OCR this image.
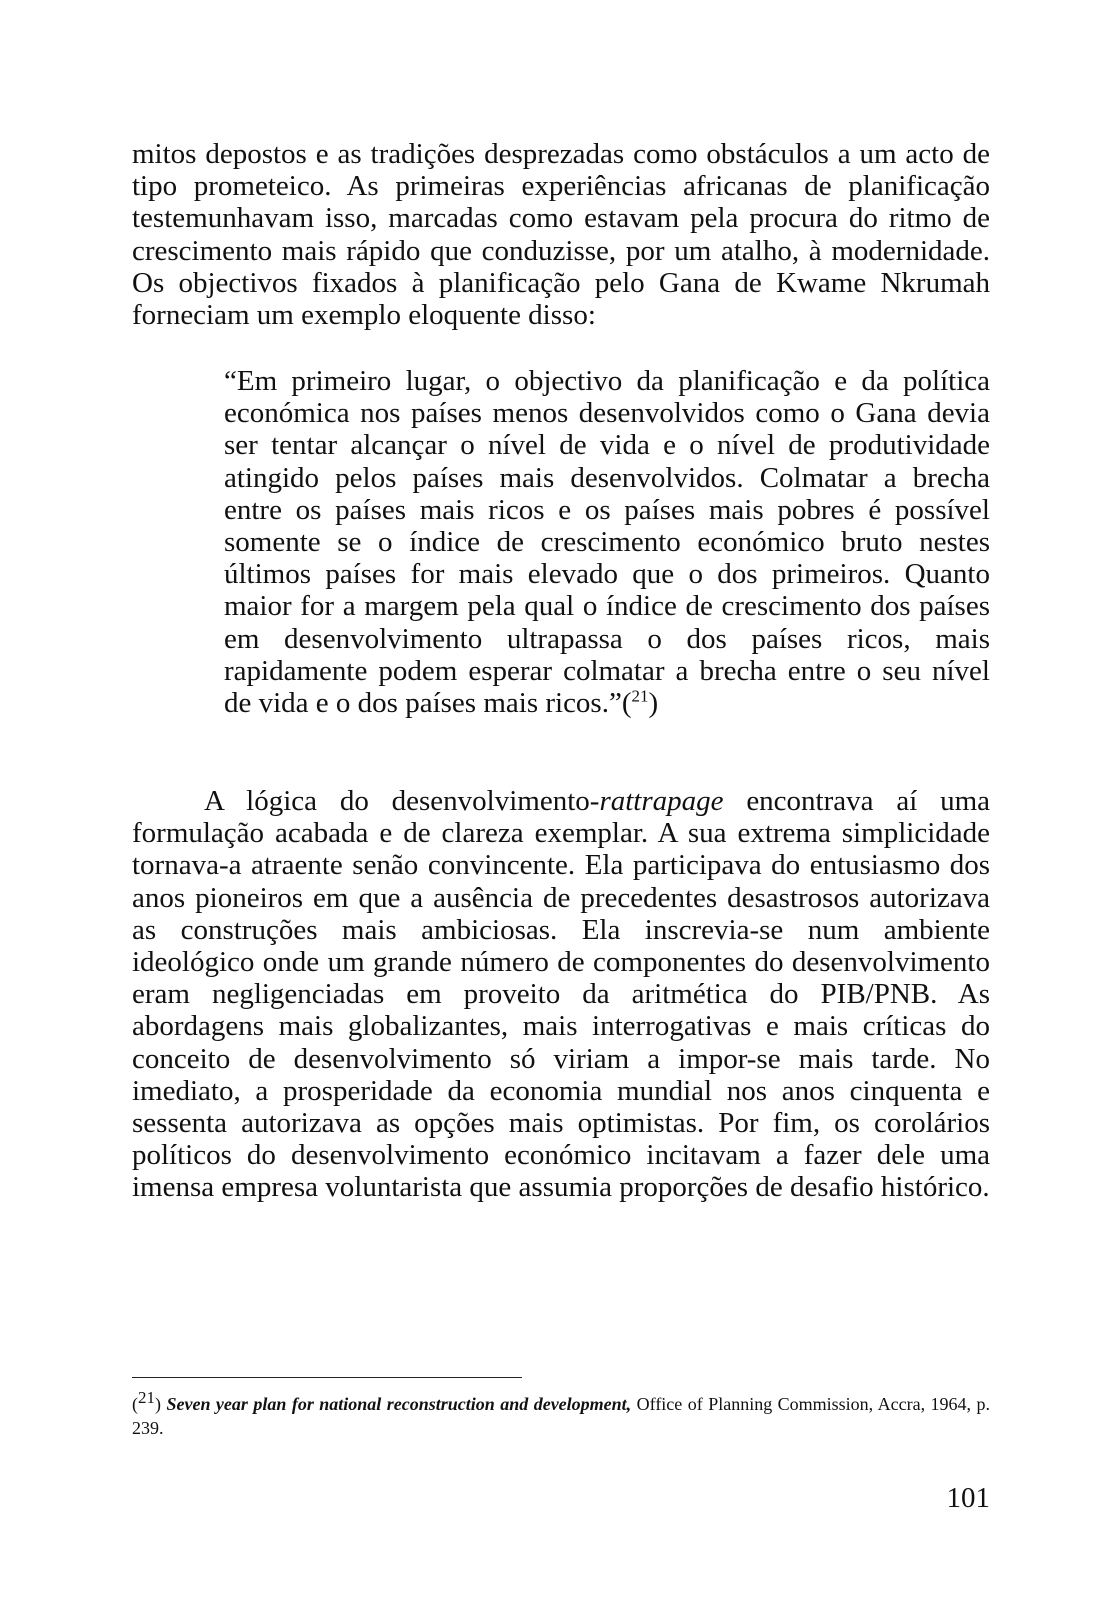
mitos depostos e as tradições desprezadas como obstáculos a um acto de tipo prometeico. As primeiras experiências africanas de planificação testemunhavam isso, marcadas como estavam pela procura do ritmo de crescimento mais rápido que conduzisse, por um atalho, à modernidade. Os objectivos fixados à planificação pelo Gana de Kwame Nkrumah forneciam um exemplo eloquente disso:

“Em primeiro lugar, o objectivo da planificação e da política económica nos países menos desenvolvidos como o Gana devia ser tentar alcançar o nível de vida e o nível de produtividade atingido pelos países mais desenvolvidos. Colmatar a brecha entre os países mais ricos e os países mais pobres é possível somente se o índice de crescimento económico bruto nestes últimos países for mais elevado que o dos primeiros. Quanto maior for a margem pela qual o índice de crescimento dos países em desenvolvimento ultrapassa o dos países ricos, mais rapidamente podem esperar colmatar a brecha entre o seu nível de vida e o dos países mais ricos.”($^{21}$)

A lógica do desenvolvimento-rattrapage encontrava aí uma formulação acabada e de clareza exemplar. A sua extrema simplicidade tornava-a atraente senão convincente. Ela participava do entusiasmo dos anos pioneiros em que a ausência de precedentes desastrosos autorizava as construções mais ambiciosas. Ela inscrevia-se num ambiente ideológico onde um grande número de componentes do desenvolvimento eram negligenciadas em proveito da aritmética do PIB/PNB. As abordagens mais globalizantes, mais interrogativas e mais críticas do conceito de desenvolvimento só viriam a impor-se mais tarde. No imediato, a prosperidade da economia mundial nos anos cinquenta e sessenta autorizava as opções mais optimistas. Por fim, os corolários políticos do desenvolvimento económico incitavam a fazer dele uma imensa empresa voluntarista que assumia proporções de desafio histórico.

(21) Seven year plan for national reconstruction and development, Office of Planning Commission, Accra, 1964, p. 239.

101
